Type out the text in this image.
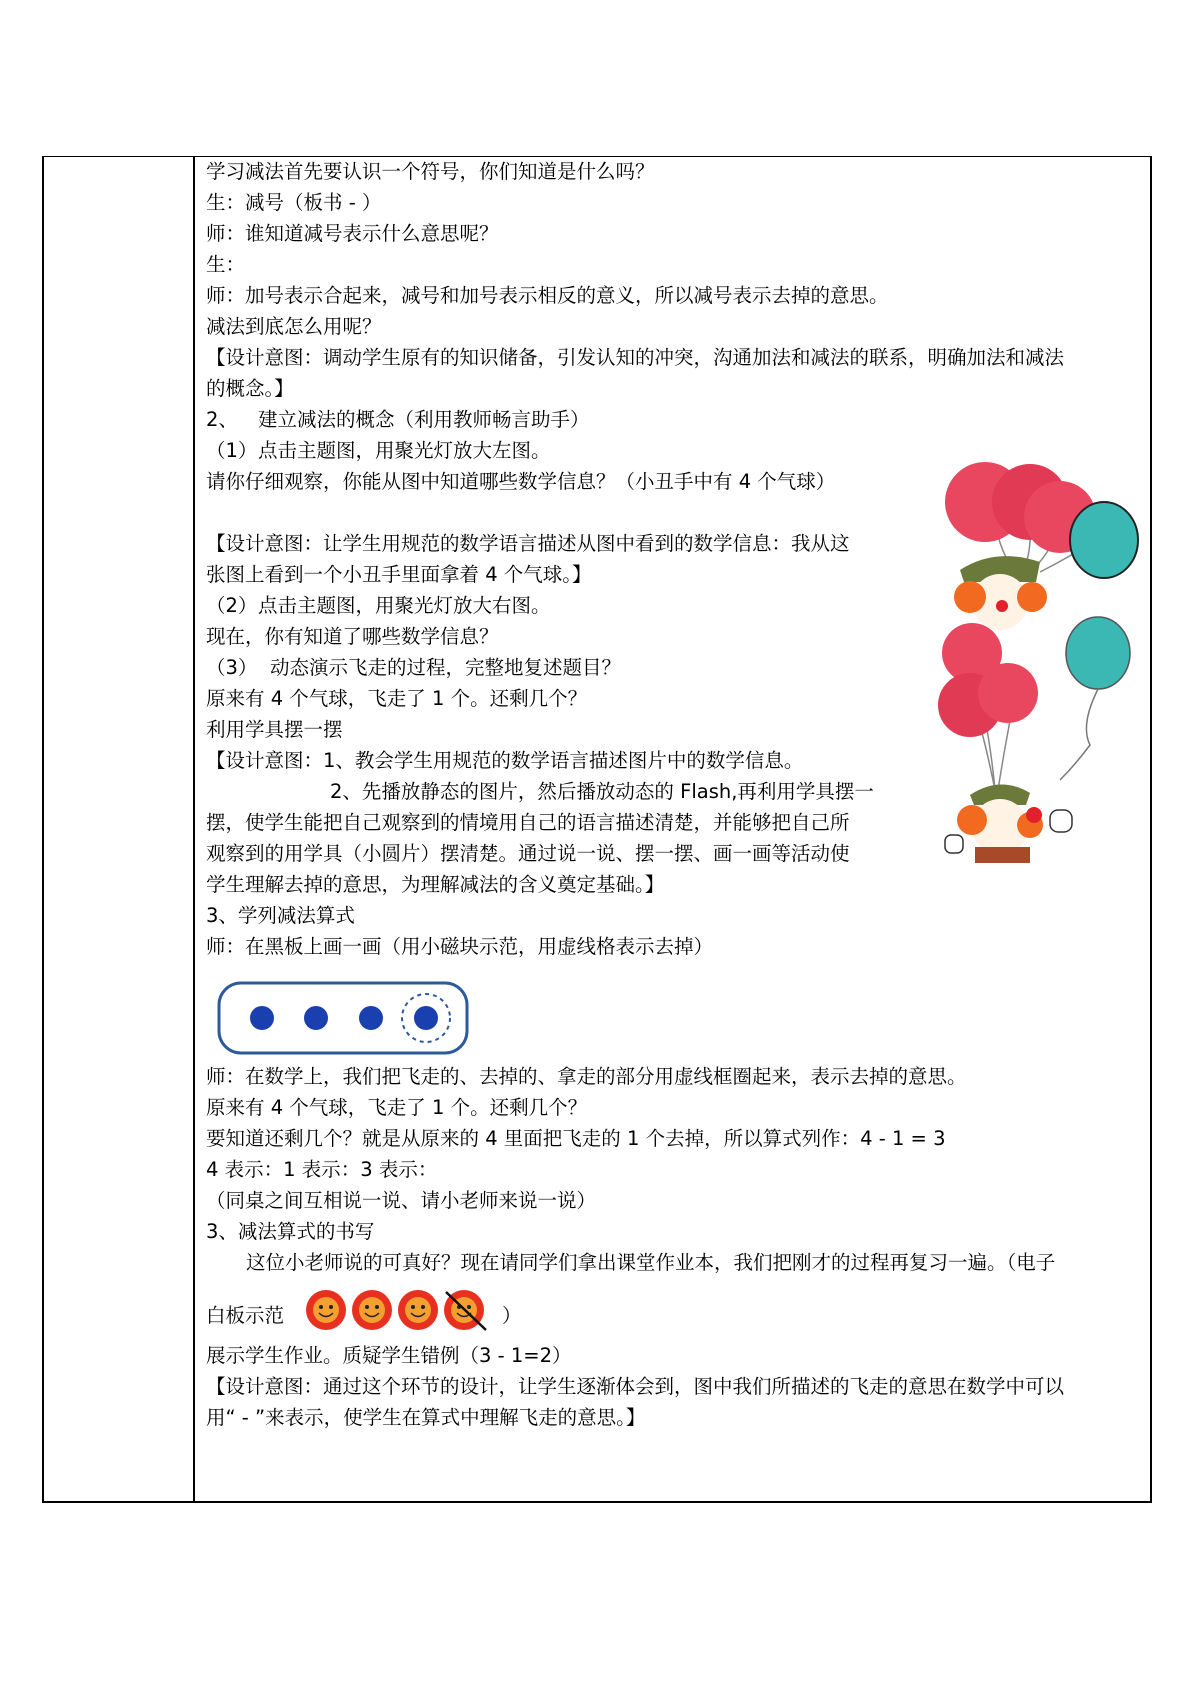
学习减法首先要认识一个符号，你们知道是什么吗？
生：减号（板书 - ）
师：谁知道减号表示什么意思呢？
生：
师：加号表示合起来，减号和加号表示相反的意义，所以减号表示去掉的意思。
减法到底怎么用呢？
【设计意图：调动学生原有的知识储备，引发认知的冲突，沟通加法和减法的联系，明确加法和减法
的概念。】
2、 建立减法的概念（利用教师畅言助手）
（1）点击主题图，用聚光灯放大左图。
请你仔细观察，你能从图中知道哪些数学信息？（小丑手中有 4 个气球）
【设计意图：让学生用规范的数学语言描述从图中看到的数学信息：我从这
张图上看到一个小丑手里面拿着 4 个气球。】
（2）点击主题图，用聚光灯放大右图。
现在，你有知道了哪些数学信息？
（3） 动态演示飞走的过程，完整地复述题目？
原来有 4 个气球，飞走了 1 个。还剩几个？
利用学具摆一摆
【设计意图：1、教会学生用规范的数学语言描述图片中的数学信息。
2、先播放静态的图片，然后播放动态的 Flash,再利用学具摆一
摆，使学生能把自己观察到的情境用自己的语言描述清楚，并能够把自己所
观察到的用学具（小圆片）摆清楚。通过说一说、摆一摆、画一画等活动使
学生理解去掉的意思，为理解减法的含义奠定基础。】
3、学列减法算式
师：在黑板上画一画（用小磁块示范，用虚线格表示去掉）
师：在数学上，我们把飞走的、去掉的、拿走的部分用虚线框圈起来，表示去掉的意思。
原来有 4 个气球，飞走了 1 个。还剩几个？
要知道还剩几个？就是从原来的 4 里面把飞走的 1 个去掉，所以算式列作：4 - 1 = 3
4 表示：1 表示：3 表示：
（同桌之间互相说一说、请小老师来说一说）
3、减法算式的书写
这位小老师说的可真好？现在请同学们拿出课堂作业本，我们把刚才的过程再复习一遍。（电子
白板示范	）
展示学生作业。质疑学生错例（3 - 1=2）
【设计意图：通过这个环节的设计，让学生逐渐体会到，图中我们所描述的飞走的意思在数学中可以
用“ - ”来表示，使学生在算式中理解飞走的意思。】
